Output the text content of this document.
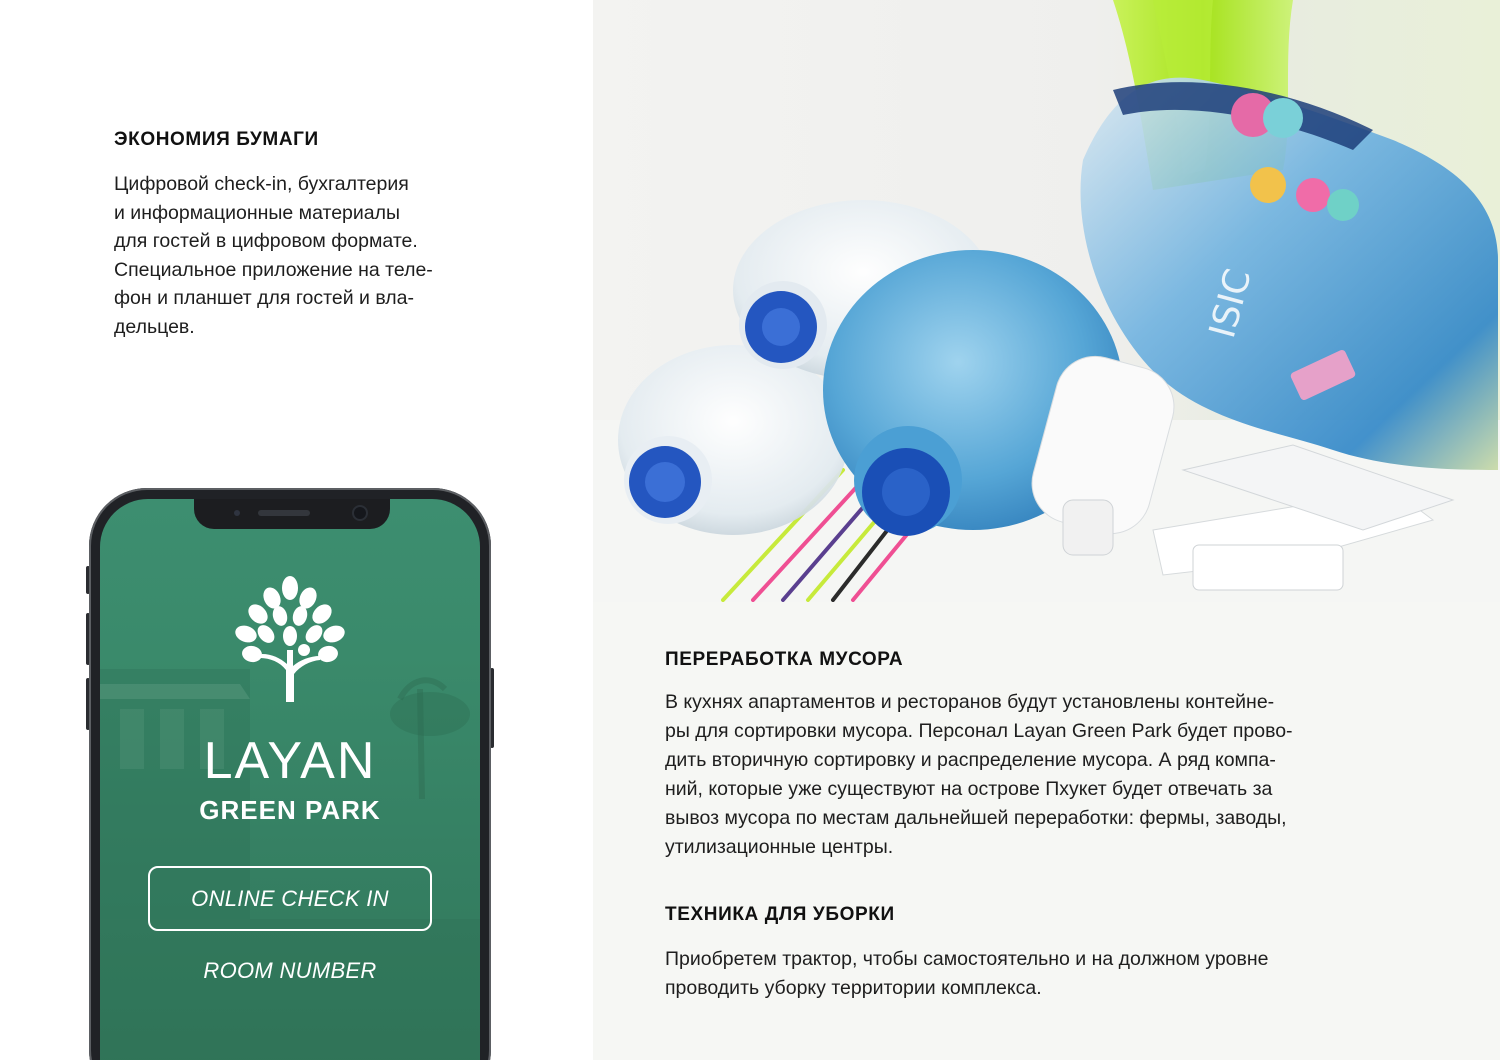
ЭКОНОМИЯ БУМАГИ
Цифровой check-in, бухгалтерия
и информационные материалы
для гостей в цифровом формате.
Специальное приложение на теле-
фон и планшет для гостей и вла-
дельцев.	ISIC
ПЕРЕРАБОТКА МУСОРА
В кухнях апартаментов и ресторанов будут установлены контейне-
ры для сортировки мусора. Персонал Layan Green Park будет прово-
дить вторичную сортировку и распределение мусора. А ряд компа-
ний, которые уже существуют на острове Пхукет будет отвечать за
вывоз мусора по местам дальнейшей переработки: фермы, заводы,
утилизационные центры.
ТЕХНИКА ДЛЯ УБОРКИ
Приобретем трактор, чтобы самостоятельно и на должном уровне
проводить уборку территории комплекса.
LAYAN
GREEN PARK
ONLINE CHECK IN
ROOM NUMBER
